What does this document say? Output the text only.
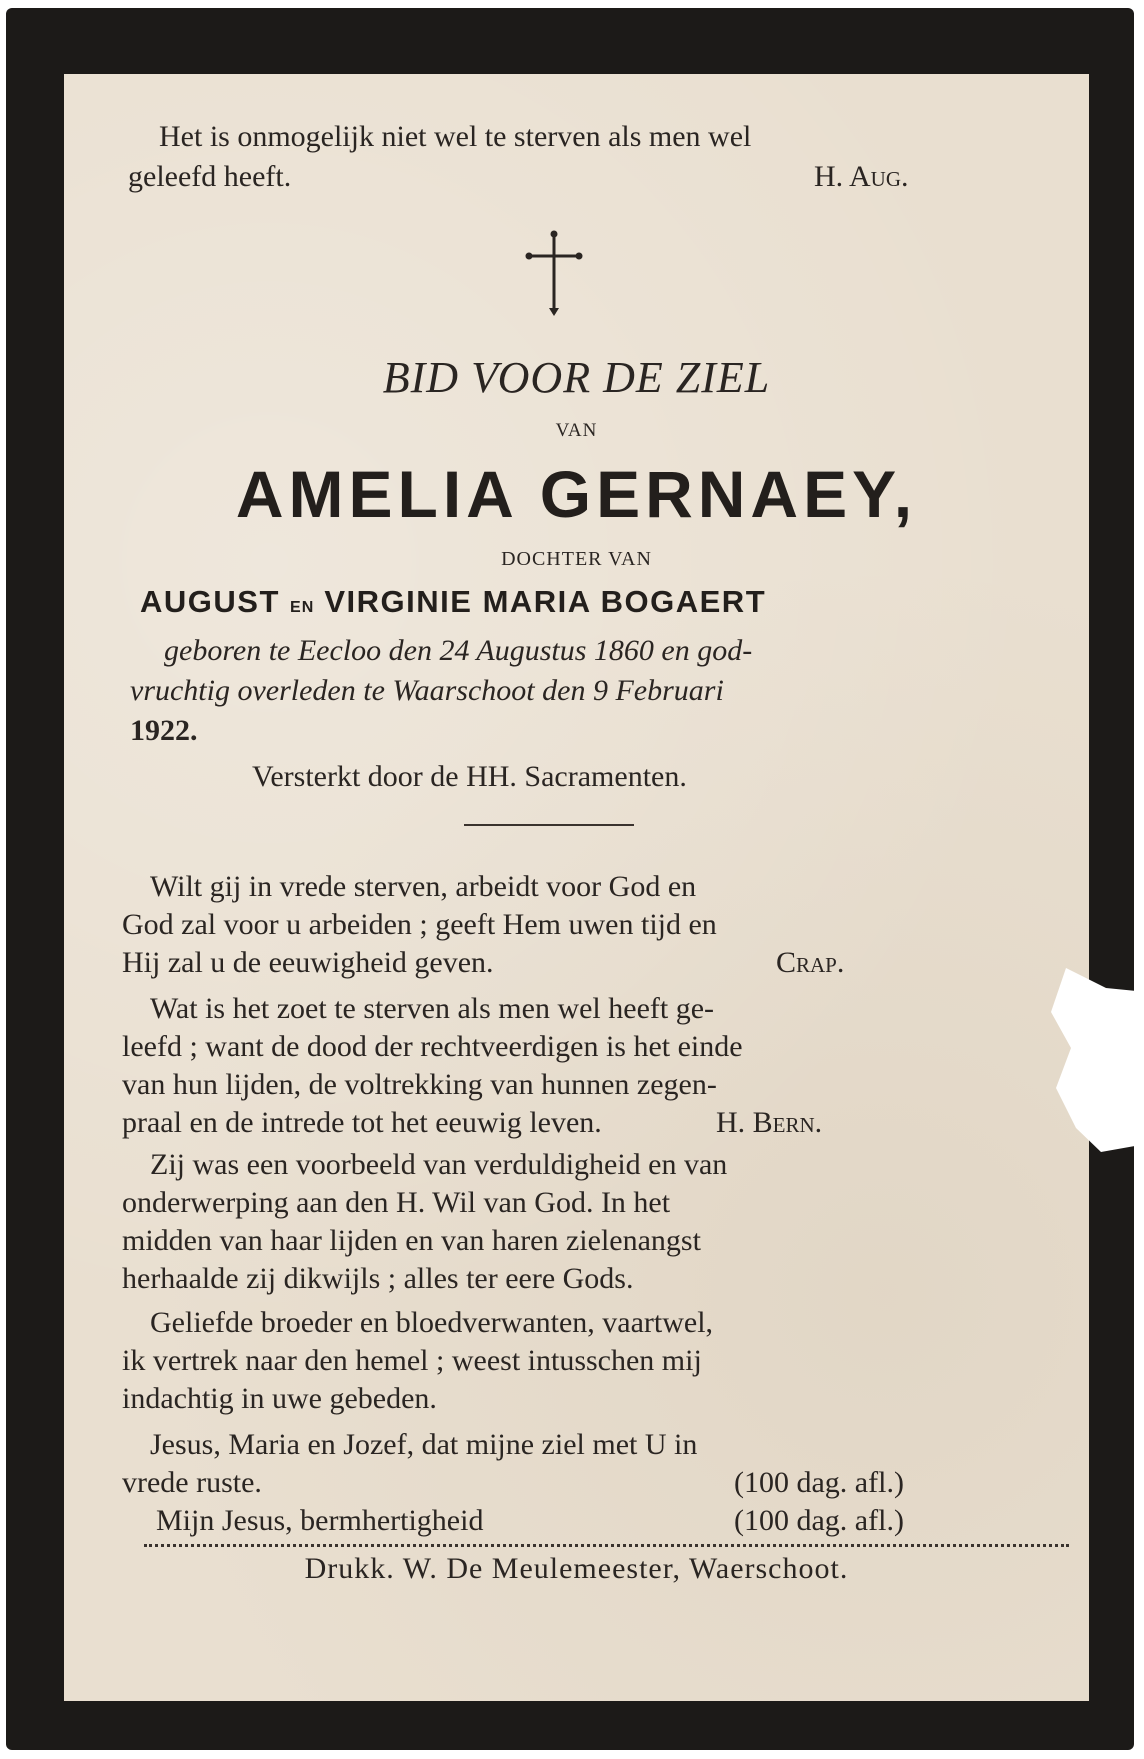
Het is onmogelijk niet wel te sterven als men wel
geleefd heeft.	H. Aug.
BID VOOR DE ZIEL
VAN
AMELIA GERNAEY,
DOCHTER VAN
AUGUST EN VIRGINIE MARIA BOGAERT
geboren te Eecloo den 24 Augustus 1860 en god-
vruchtig overleden te Waarschoot den 9 Februari
1922.
Versterkt door de HH. Sacramenten.
Wilt gij in vrede sterven, arbeidt voor God en
God zal voor u arbeiden ; geeft Hem uwen tijd en
Hij zal u de eeuwigheid geven.	Crap.
Wat is het zoet te sterven als men wel heeft ge-
leefd ; want de dood der rechtveerdigen is het einde
van hun lijden, de voltrekking van hunnen zegen-
praal en de intrede tot het eeuwig leven.	H. Bern.
Zij was een voorbeeld van verduldigheid en van
onderwerping aan den H. Wil van God. In het
midden van haar lijden en van haren zielenangst
herhaalde zij dikwijls ; alles ter eere Gods.
Geliefde broeder en bloedverwanten, vaartwel,
ik vertrek naar den hemel ; weest intusschen mij
indachtig in uwe gebeden.
Jesus, Maria en Jozef, dat mijne ziel met U in
vrede ruste.	(100 dag. afl.)
Mijn Jesus, bermhertigheid	(100 dag. afl.)
Drukk. W. De Meulemeester, Waerschoot.
